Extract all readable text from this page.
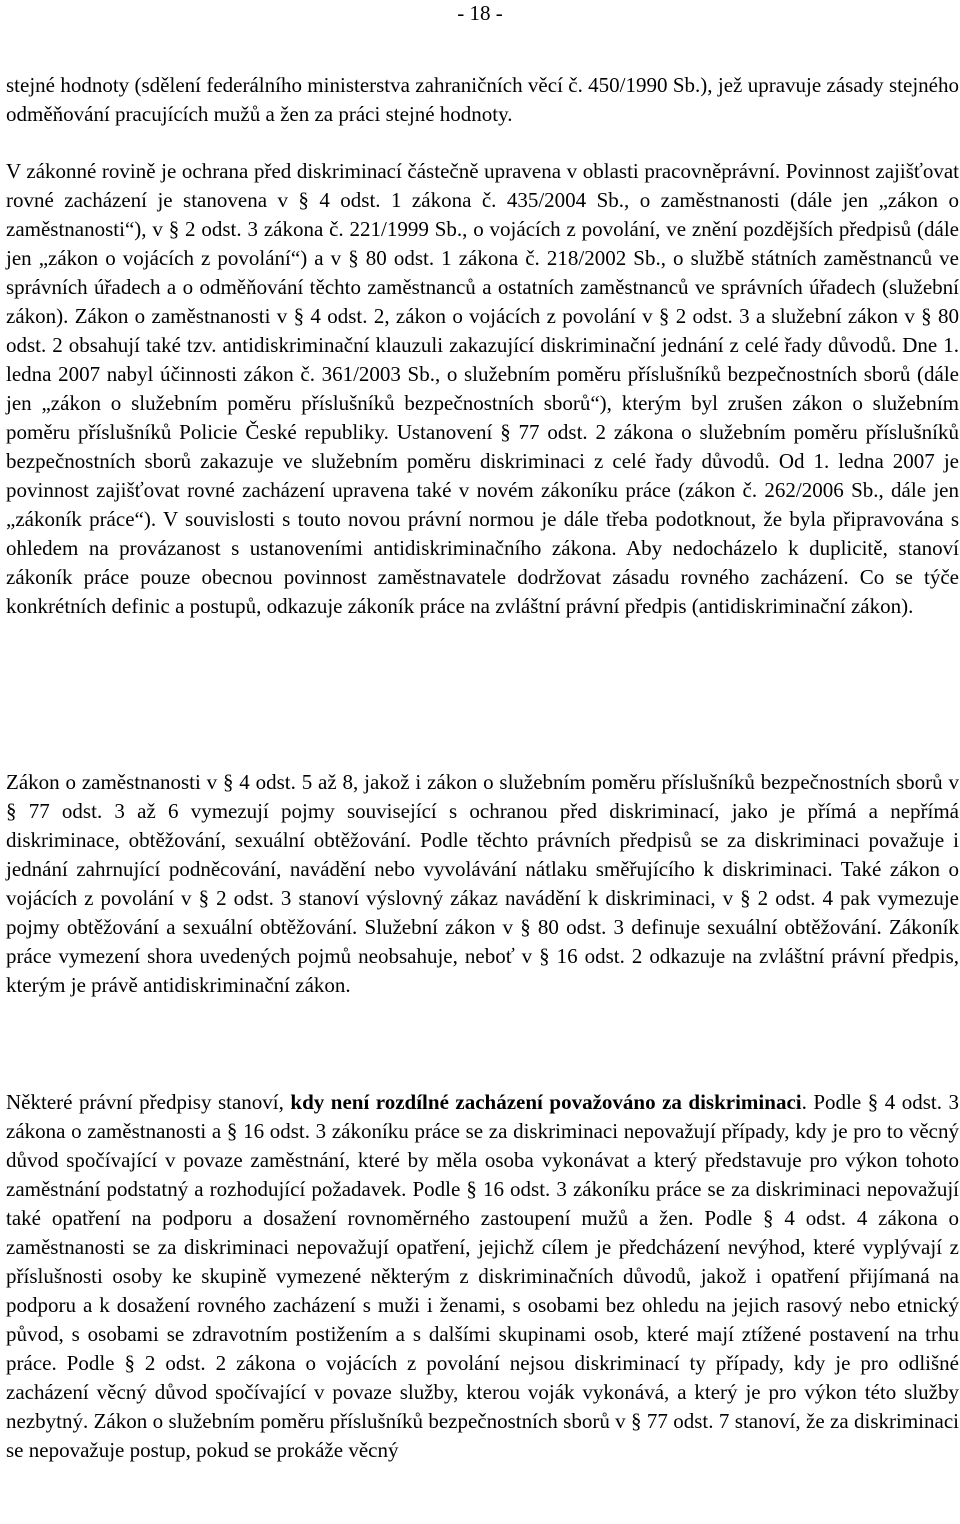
- 18 -

stejné hodnoty (sdělení federálního ministerstva zahraničních věcí č. 450/1990 Sb.), jež upravuje zásady stejného odměňování pracujících mužů a žen za práci stejné hodnoty.

V zákonné rovině je ochrana před diskriminací částečně upravena v oblasti pracovněprávní. Povinnost zajišťovat rovné zacházení je stanovena v § 4 odst. 1 zákona č. 435/2004 Sb., o zaměstnanosti (dále jen „zákon o zaměstnanosti“), v § 2 odst. 3 zákona č. 221/1999 Sb., o vojácích z povolání, ve znění pozdějších předpisů (dále jen „zákon o vojácích z povolání“) a v § 80 odst. 1 zákona č. 218/2002 Sb., o službě státních zaměstnanců ve správních úřadech a o odměňování těchto zaměstnanců a ostatních zaměstnanců ve správních úřadech (služební zákon). Zákon o zaměstnanosti v § 4 odst. 2, zákon o vojácích z povolání v § 2 odst. 3 a služební zákon v § 80 odst. 2 obsahují také tzv. antidiskriminační klauzuli zakazující diskriminační jednání z celé řady důvodů. Dne 1. ledna 2007 nabyl účinnosti zákon č. 361/2003 Sb., o služebním poměru příslušníků bezpečnostních sborů (dále jen „zákon o služebním poměru příslušníků bezpečnostních sborů“), kterým byl zrušen zákon o služebním poměru příslušníků Policie České republiky. Ustanovení § 77 odst. 2 zákona o služebním poměru příslušníků bezpečnostních sborů zakazuje ve služebním poměru diskriminaci z celé řady důvodů. Od 1. ledna 2007 je povinnost zajišťovat rovné zacházení upravena také v novém zákoníku práce (zákon č. 262/2006 Sb., dále jen „zákoník práce“). V souvislosti s touto novou právní normou je dále třeba podotknout, že byla připravována s ohledem na provázanost s ustanoveními antidiskriminačního zákona. Aby nedocházelo k duplicitě, stanoví zákoník práce pouze obecnou povinnost zaměstnavatele dodržovat zásadu rovného zacházení. Co se týče konkrétních definic a postupů, odkazuje zákoník práce na zvláštní právní předpis (antidiskriminační zákon).

Zákon o zaměstnanosti v § 4 odst. 5 až 8, jakož i zákon o služebním poměru příslušníků bezpečnostních sborů v § 77 odst. 3 až 6 vymezují pojmy související s ochranou před diskriminací, jako je přímá a nepřímá diskriminace, obtěžování, sexuální obtěžování. Podle těchto právních předpisů se za diskriminaci považuje i jednání zahrnující podněcování, navádění nebo vyvolávání nátlaku směřujícího k diskriminaci. Také zákon o vojácích z povolání v § 2 odst. 3 stanoví výslovný zákaz navádění k diskriminaci, v § 2 odst. 4 pak vymezuje pojmy obtěžování a sexuální obtěžování. Služební zákon v § 80 odst. 3 definuje sexuální obtěžování. Zákoník práce vymezení shora uvedených pojmů neobsahuje, neboť v § 16 odst. 2 odkazuje na zvláštní právní předpis, kterým je právě antidiskriminační zákon.

Některé právní předpisy stanoví, kdy není rozdílné zacházení považováno za diskriminaci. Podle § 4 odst. 3 zákona o zaměstnanosti a § 16 odst. 3 zákoníku práce se za diskriminaci nepovažují případy, kdy je pro to věcný důvod spočívající v povaze zaměstnání, které by měla osoba vykonávat a který představuje pro výkon tohoto zaměstnání podstatný a rozhodující požadavek. Podle § 16 odst. 3 zákoníku práce se za diskriminaci nepovažují také opatření na podporu a dosažení rovnoměrného zastoupení mužů a žen. Podle § 4 odst. 4 zákona o zaměstnanosti se za diskriminaci nepovažují opatření, jejichž cílem je předcházení nevýhod, které vyplývají z příslušnosti osoby ke skupině vymezené některým z diskriminačních důvodů, jakož i opatření přijímaná na podporu a k dosažení rovného zacházení s muži i ženami, s osobami bez ohledu na jejich rasový nebo etnický původ, s osobami se zdravotním postižením a s dalšími skupinami osob, které mají ztížené postavení na trhu práce. Podle § 2 odst. 2 zákona o vojácích z povolání nejsou diskriminací ty případy, kdy je pro odlišné zacházení věcný důvod spočívající v povaze služby, kterou voják vykonává, a který je pro výkon této služby nezbytný. Zákon o služebním poměru příslušníků bezpečnostních sborů v § 77 odst. 7 stanoví, že za diskriminaci se nepovažuje postup, pokud se prokáže věcný
